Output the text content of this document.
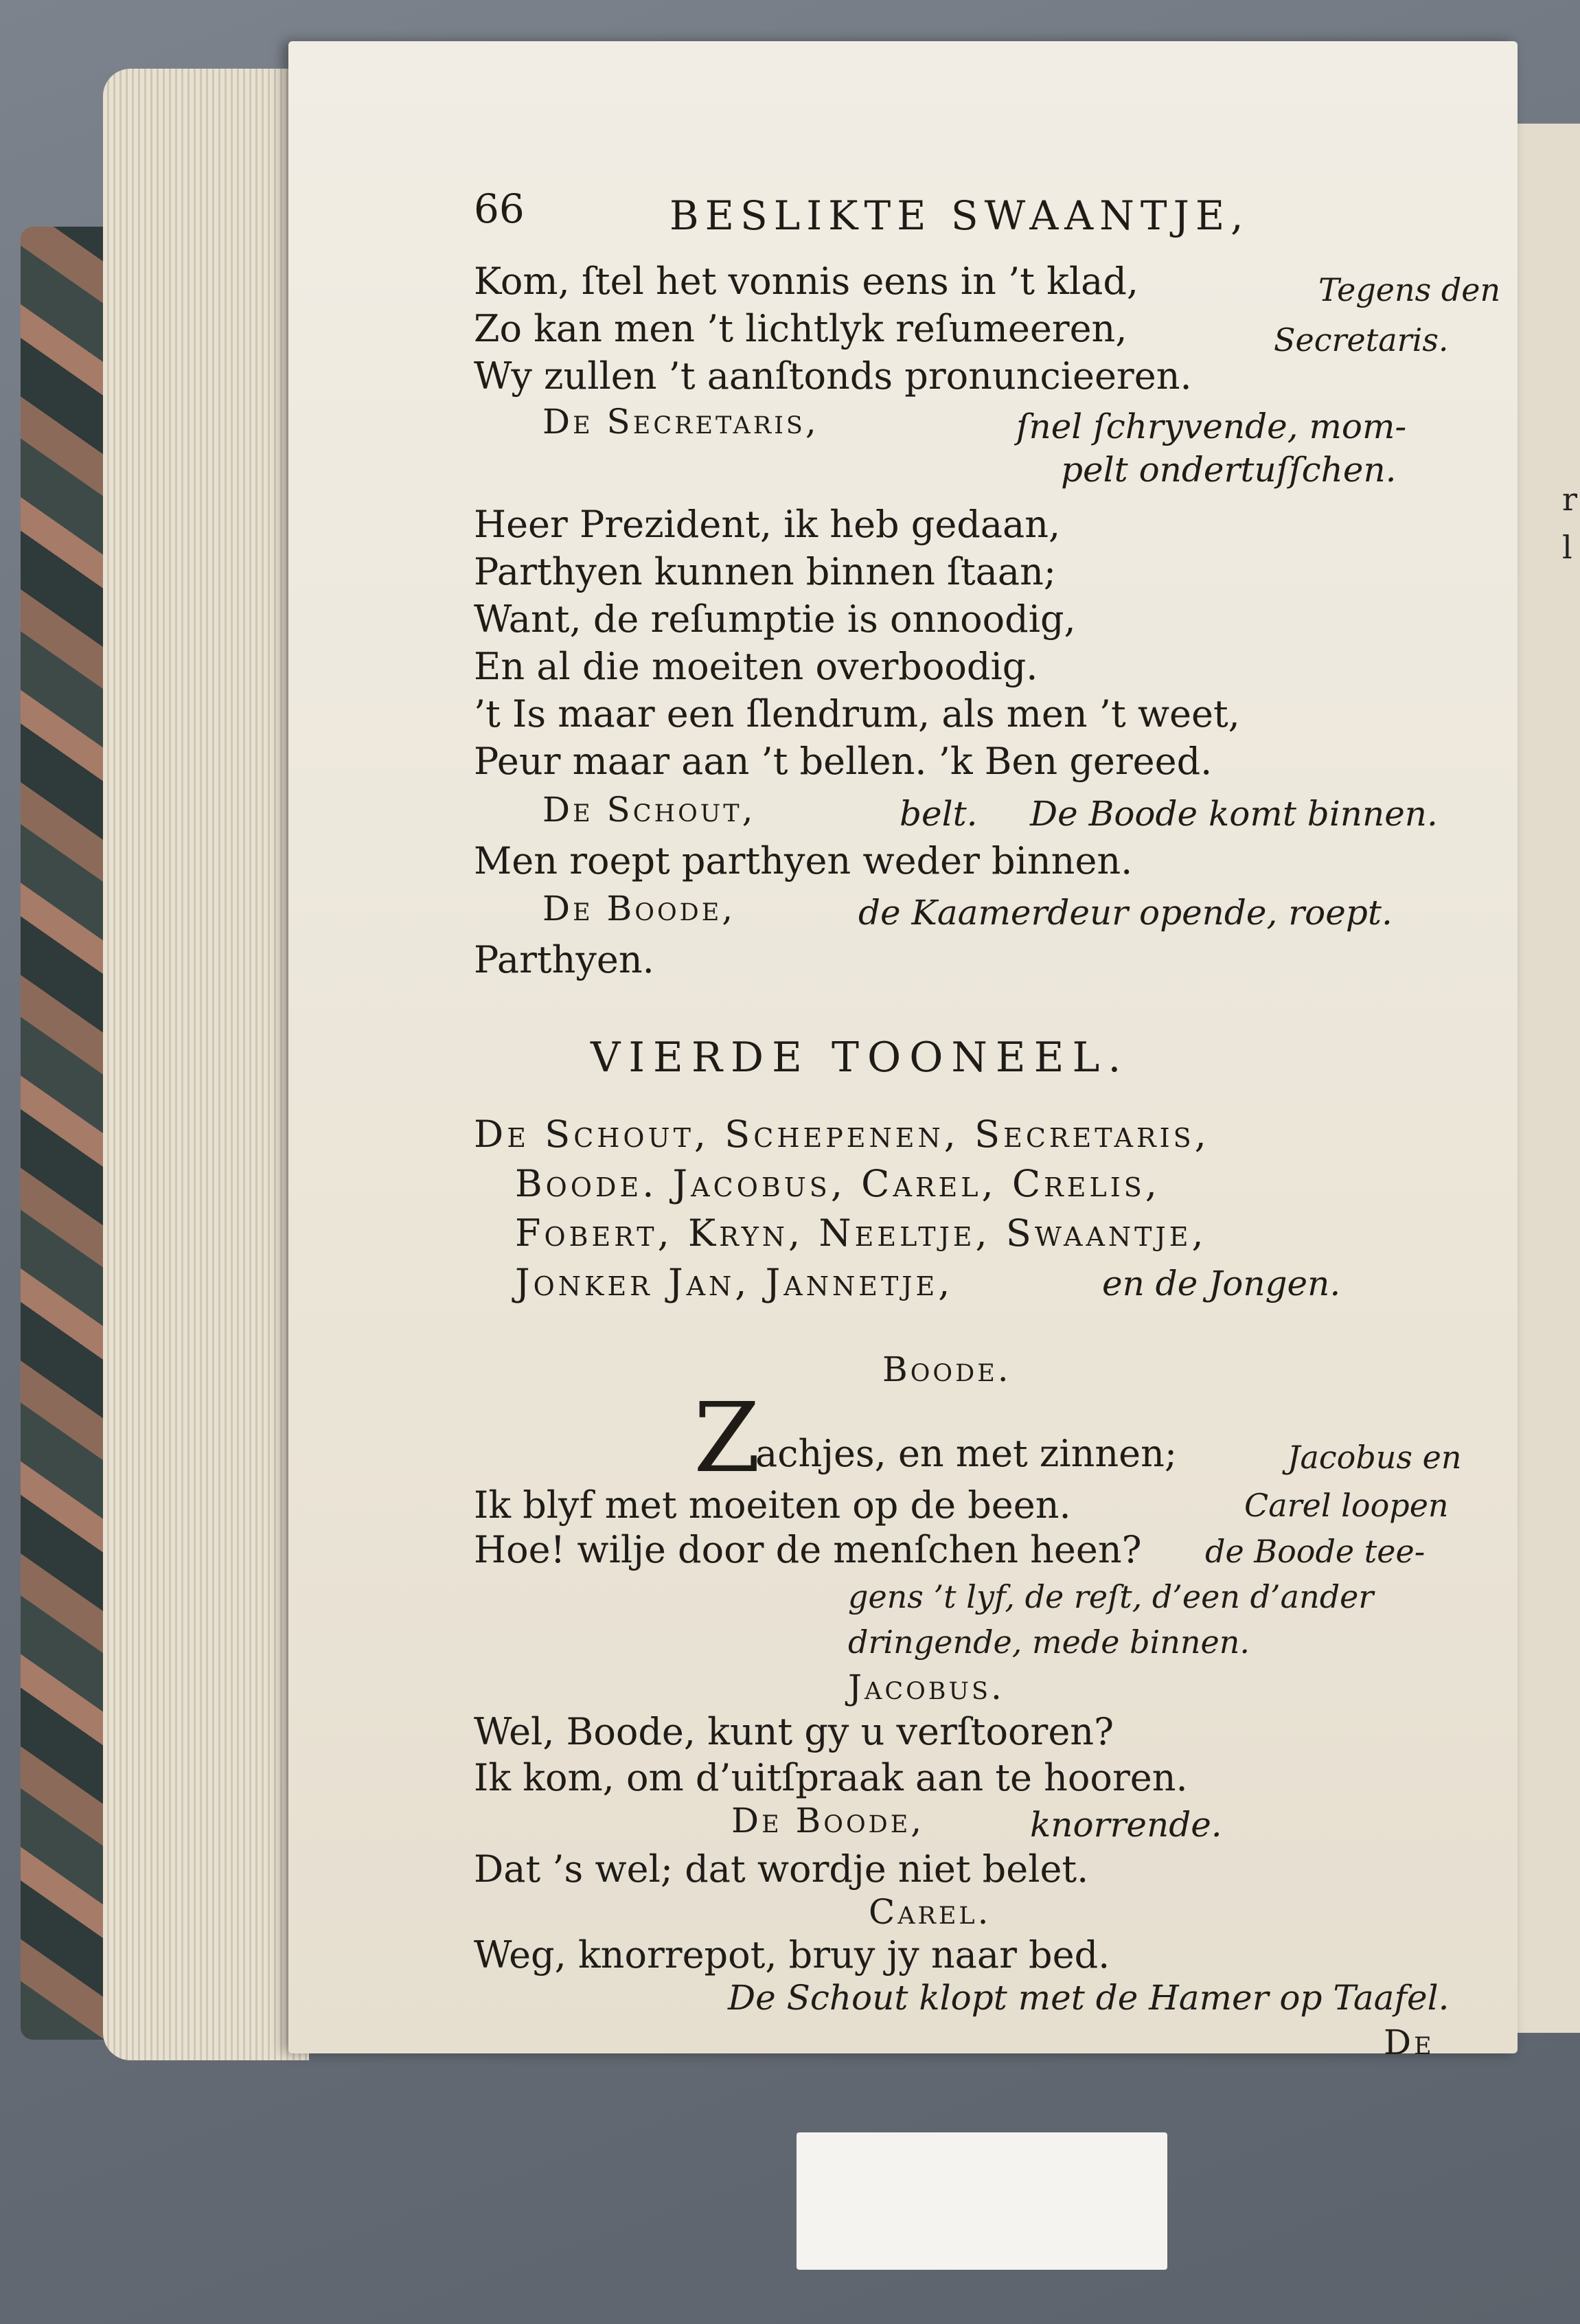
r
l
66	BESLIKTE SWAANTJE,
Kom, ſtel het vonnis eens in ’t klad,
Zo kan men ’t lichtlyk reſumeeren,
Wy zullen ’t aanſtonds pronuncieeren.
Tegens den
Secretaris.
De Secretaris,	ſnel ſchryvende, mom-
pelt ondertuſſchen.
Heer Prezident, ik heb gedaan,
Parthyen kunnen binnen ſtaan;
Want, de reſumptie is onnoodig,
En al die moeiten overboodig.
’t Is maar een ſlendrum, als men ’t weet,
Peur maar aan ’t bellen. ’k Ben gereed.
De Schout,	belt. De Boode komt binnen.
Men roept parthyen weder binnen.
De Boode,	de Kaamerdeur opende, roept.
Parthyen.
VIERDE TOONEEL.
De Schout, Schepenen, Secretaris,
Boode. Jacobus, Carel, Crelis,
Fobert, Kryn, Neeltje, Swaantje,
Jonker Jan, Jannetje,	en de Jongen.
Boode.
Z
achjes, en met zinnen;
Ik blyf met moeiten op de been.
Hoe! wilje door de menſchen heen?
Jacobus en
Carel loopen
de Boode tee-
gens ’t lyf, de reſt, d’een d’ander
dringende, mede binnen.
Jacobus.
Wel, Boode, kunt gy u verſtooren?
Ik kom, om d’uitſpraak aan te hooren.
De Boode,	knorrende.
Dat ’s wel; dat wordje niet belet.
Carel.
Weg, knorrepot, bruy jy naar bed.
De Schout klopt met de Hamer op Taafel.
De
